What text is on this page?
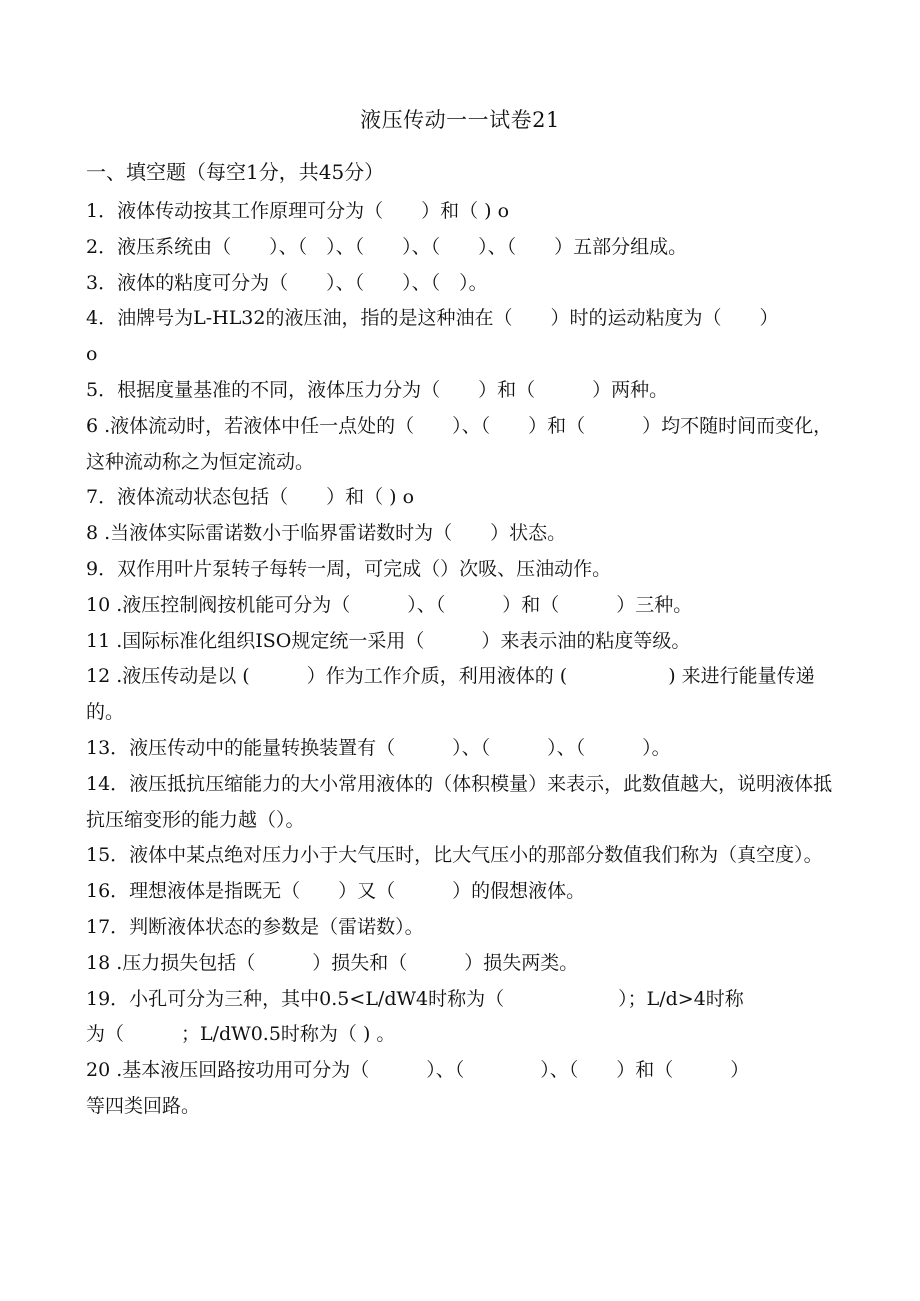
液压传动一一试卷21
一、填空题（每空1分，共45分）
1．液体传动按其工作原理可分为（　　）和（ ) o
2．液压系统由（　　）、（　）、（　　）、（　　）、（　　）五部分组成。
3．液体的粘度可分为（　　）、（　　）、（　）。
4．油牌号为L-HL32的液压油，指的是这种油在（　　）时的运动粘度为（　　）
o
5．根据度量基准的不同，液体压力分为（　　）和（　　　）两种。
6 .液体流动时，若液体中任一点处的（　　）、（　　）和（　　　）均不随时间而变化，这种流动称之为恒定流动。
7．液体流动状态包括（　　）和（ ) o
8 .当液体实际雷诺数小于临界雷诺数时为（　　）状态。
9．双作用叶片泵转子每转一周，可完成（）次吸、压油动作。
10 .液压控制阀按机能可分为（　　　）、（　　　）和（　　　）三种。
11 .国际标准化组织ISO规定统一采用（　　　）来表示油的粘度等级。
12 .液压传动是以 (　　　）作为工作介质，利用液体的 (　　　　　 ) 来进行能量传递的。
13．液压传动中的能量转换装置有（　　　）、（　　　）、（　　　）。
14．液压抵抗压缩能力的大小常用液体的（体积模量）来表示，此数值越大，说明液体抵抗压缩变形的能力越（）。
15．液体中某点绝对压力小于大气压时，比大气压小的那部分数值我们称为（真空度）。
16．理想液体是指既无（　　）又（　　　）的假想液体。
17．判断液体状态的参数是（雷诺数）。
18 .压力损失包括（　　　）损失和（　　　）损失两类。
19．小孔可分为三种，其中0.5<L∕dW4时称为（　　　　　　）；L/d>4时称
为（　　　；L∕dW0.5时称为（ ) 。
20 .基本液压回路按功用可分为（　　　）、（　　　　）、（　　）和（　　　）
等四类回路。
